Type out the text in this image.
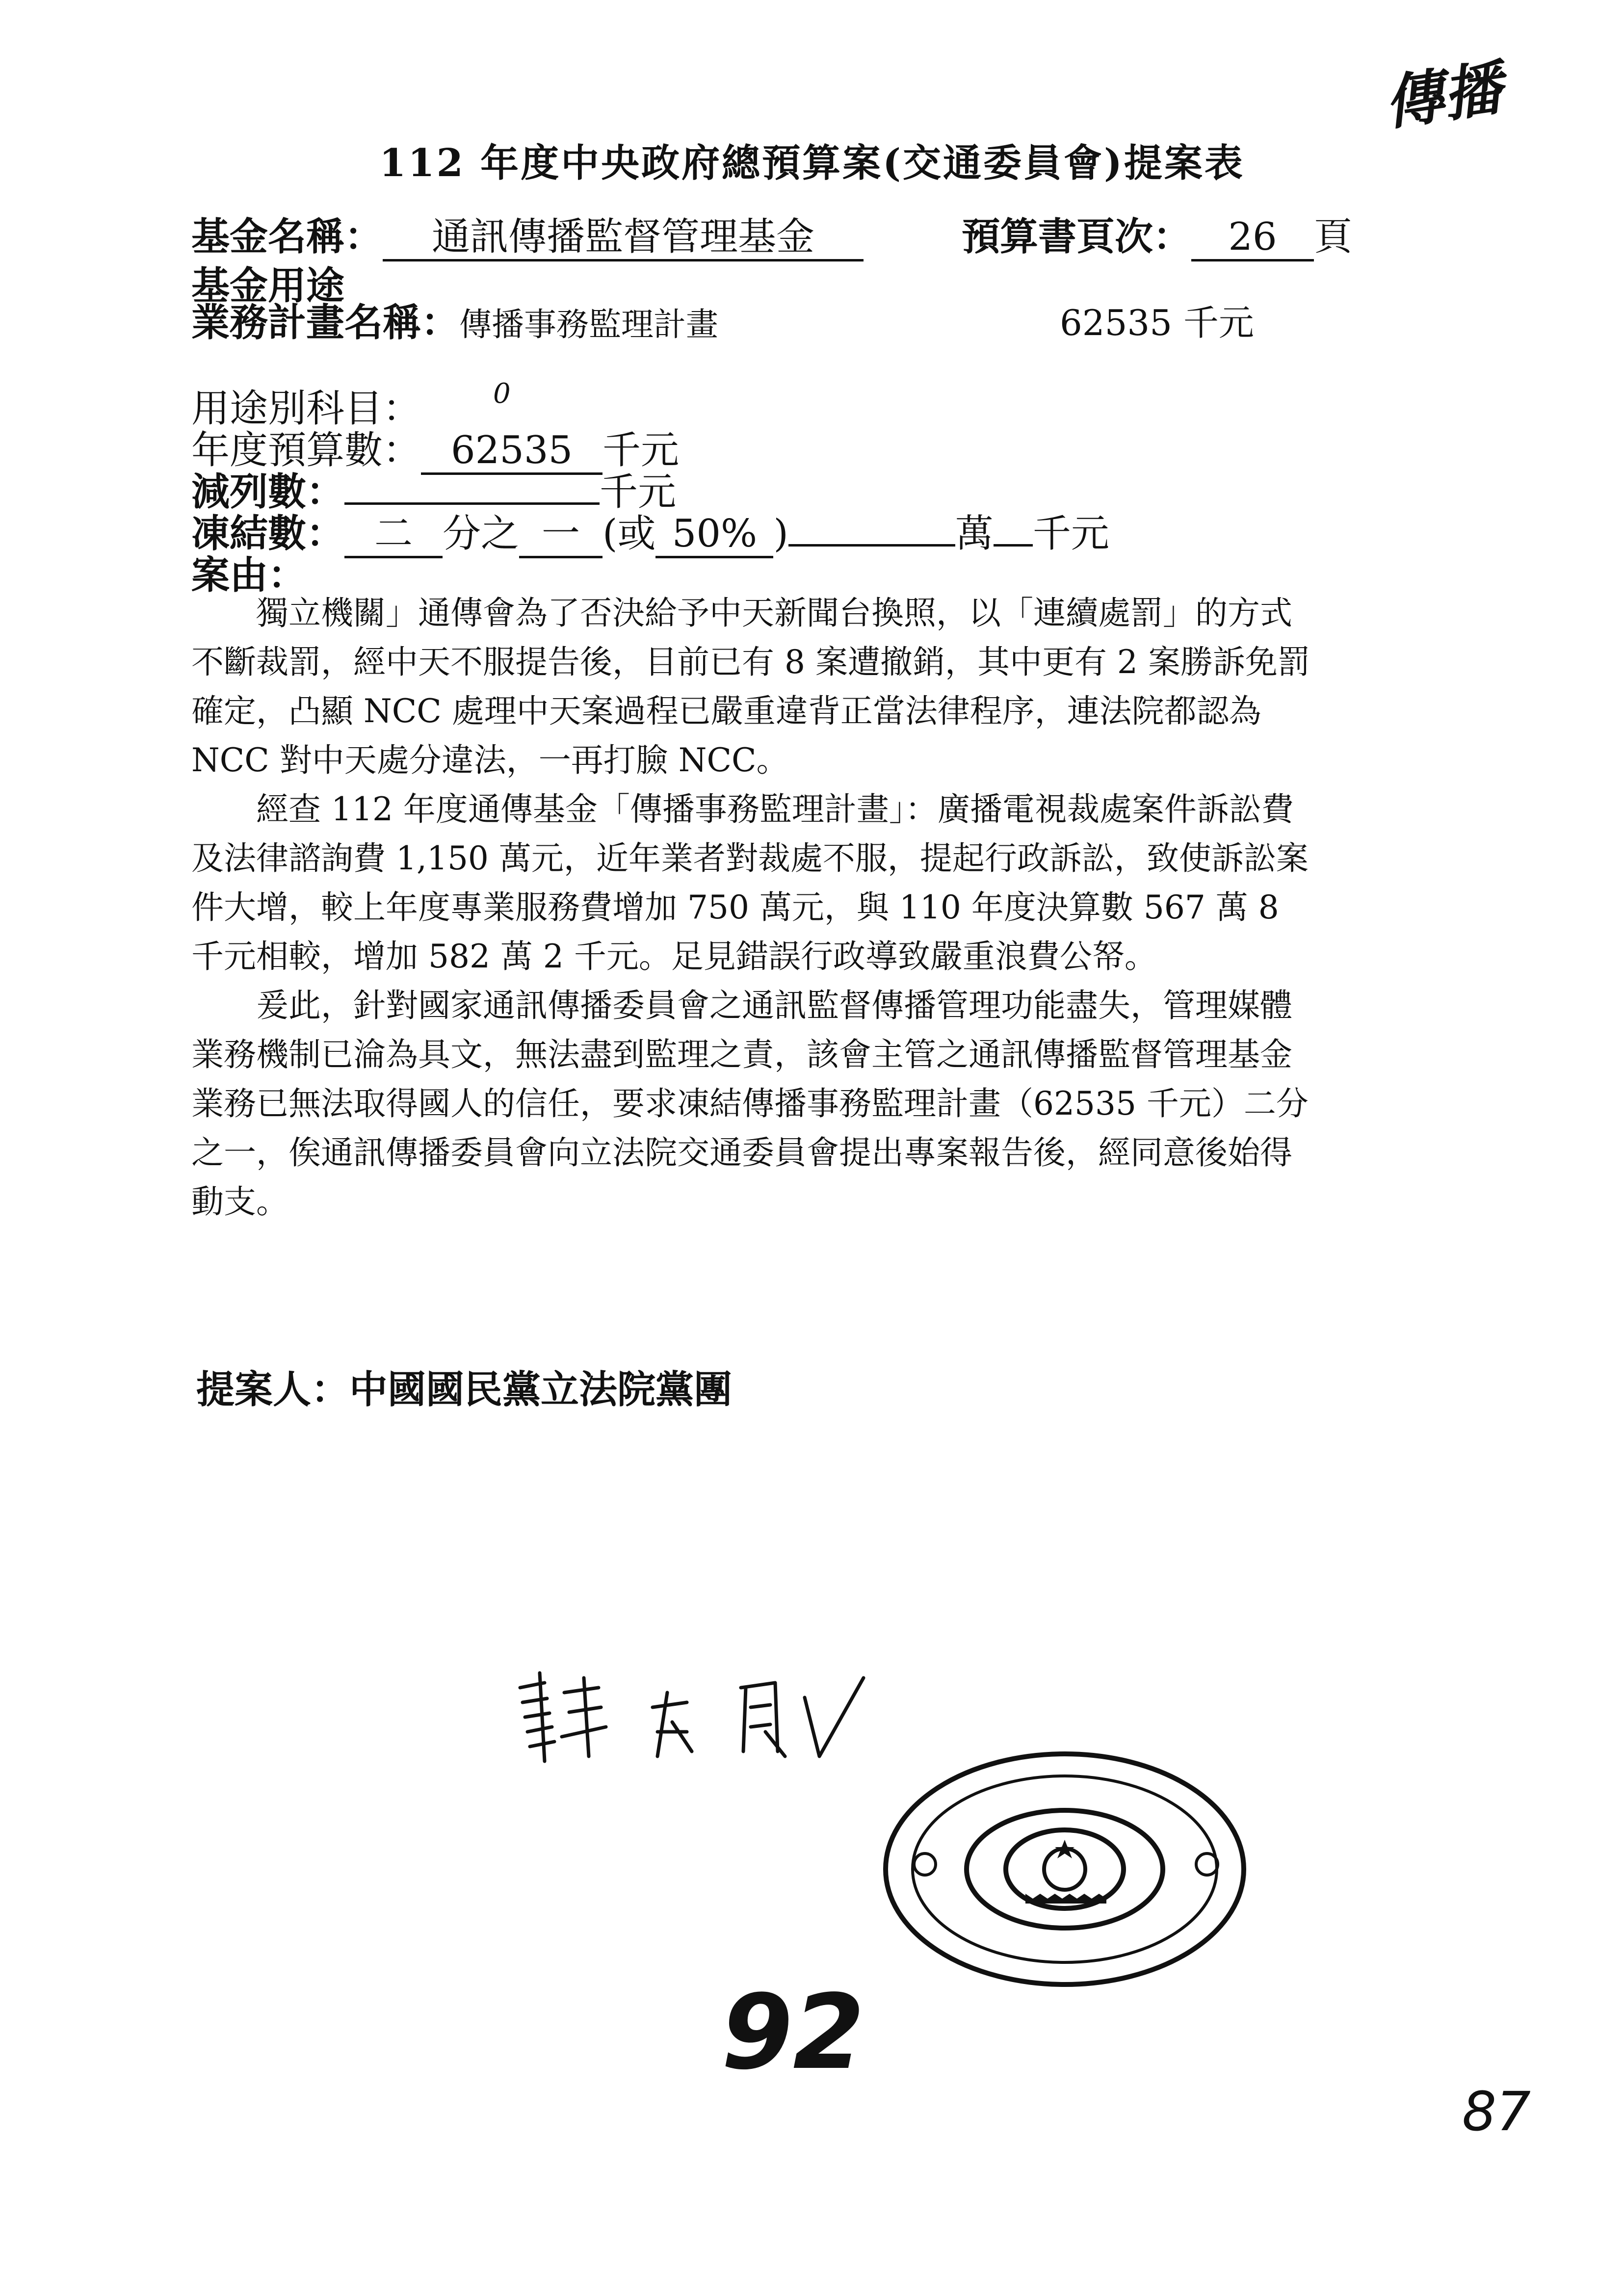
傳播
112 年度中央政府總預算案(交通委員會)提案表
基金名稱： 通訊傳播監督管理基金	預算書頁次： 26 頁
基金用途
業務計畫名稱：傳播事務監理計畫	62535 千元
用途別科目：	0
年度預算數： 62535 千元
減列數：	千元
凍結數： 二 分之 一 (或 50% )	萬 千元
案由：

獨立機關」通傳會為了否決給予中天新聞台換照，以「連續處罰」的方式不斷裁罰，經中天不服提告後，目前已有 8 案遭撤銷，其中更有 2 案勝訴免罰確定，凸顯 NCC 處理中天案過程已嚴重違背正當法律程序，連法院都認為 NCC 對中天處分違法，一再打臉 NCC。

經查 112 年度通傳基金「傳播事務監理計畫」：廣播電視裁處案件訴訟費及法律諮詢費 1,150 萬元，近年業者對裁處不服，提起行政訴訟，致使訴訟案件大增，較上年度專業服務費增加 750 萬元，與 110 年度決算數 567 萬 8 千元相較，增加 582 萬 2 千元。足見錯誤行政導致嚴重浪費公帑。

爰此，針對國家通訊傳播委員會之通訊監督傳播管理功能盡失，管理媒體業務機制已淪為具文，無法盡到監理之責，該會主管之通訊傳播監督管理基金業務已無法取得國人的信任，要求凍結傳播事務監理計畫（62535 千元）二分之一，俟通訊傳播委員會向立法院交通委員會提出專案報告後，經同意後始得動支。

提案人：中國國民黨立法院黨團
92
87
